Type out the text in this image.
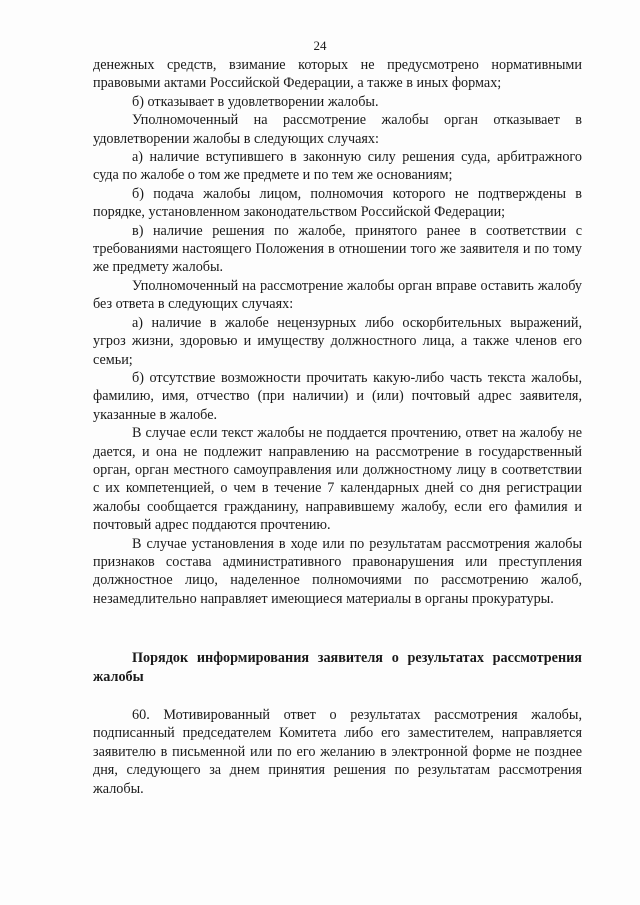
24

денежных средств, взимание которых не предусмотрено нормативными правовыми актами Российской Федерации, а также в иных формах;

б) отказывает в удовлетворении жалобы.

Уполномоченный на рассмотрение жалобы орган отказывает в удовлетворении жалобы в следующих случаях:

а) наличие вступившего в законную силу решения суда, арбитражного суда по жалобе о том же предмете и по тем же основаниям;

б) подача жалобы лицом, полномочия которого не подтверждены в порядке, установленном законодательством Российской Федерации;

в) наличие решения по жалобе, принятого ранее в соответствии с требованиями настоящего Положения в отношении того же заявителя и по тому же предмету жалобы.

Уполномоченный на рассмотрение жалобы орган вправе оставить жалобу без ответа в следующих случаях:

а) наличие в жалобе нецензурных либо оскорбительных выражений, угроз жизни, здоровью и имуществу должностного лица, а также членов его семьи;

б) отсутствие возможности прочитать какую-либо часть текста жалобы, фамилию, имя, отчество (при наличии) и (или) почтовый адрес заявителя, указанные в жалобе.

В случае если текст жалобы не поддается прочтению, ответ на жалобу не дается, и она не подлежит направлению на рассмотрение в государственный орган, орган местного самоуправления или должностному лицу в соответствии с их компетенцией, о чем в течение 7 календарных дней со дня регистрации жалобы сообщается гражданину, направившему жалобу, если его фамилия и почтовый адрес поддаются прочтению.

В случае установления в ходе или по результатам рассмотрения жалобы признаков состава административного правонарушения или преступления должностное лицо, наделенное полномочиями по рассмотрению жалоб, незамедлительно направляет имеющиеся материалы в органы прокуратуры.

Порядок информирования заявителя о результатах рассмотрения жалобы

60. Мотивированный ответ о результатах рассмотрения жалобы, подписанный председателем Комитета либо его заместителем, направляется заявителю в письменной или по его желанию в электронной форме не позднее дня, следующего за днем принятия решения по результатам рассмотрения жалобы.
